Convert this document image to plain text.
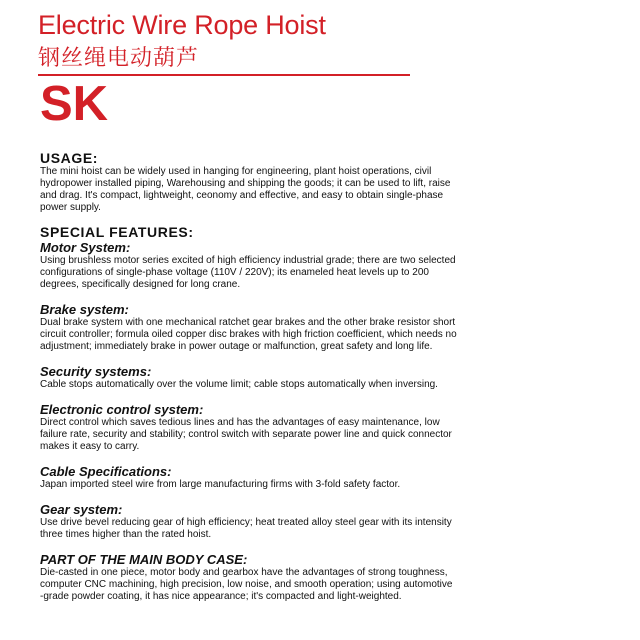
Electric Wire Rope Hoist
钢丝绳电动葫芦
SK
USAGE:
The mini hoist can be widely used in hanging for engineering, plant hoist operations, civil
hydropower installed piping, Warehousing and shipping the goods; it can be used to lift, raise
and drag. It's compact, lightweight, ceonomy and effective, and easy to obtain single-phase
power supply.
SPECIAL FEATURES:
Motor System:
Using brushless motor series excited of high efficiency industrial grade; there are two selected
configurations of single-phase voltage (110V / 220V); its enameled heat levels up to 200
degrees, specifically designed for long crane.
Brake system:
Dual brake system with one mechanical ratchet gear brakes and the other brake resistor short
circuit controller; formula oiled copper disc brakes with high friction coefficient, which needs no
adjustment; immediately brake in power outage or malfunction, great safety and long life.
Security systems:
Cable stops automatically over the volume limit; cable stops automatically when inversing.
Electronic control system:
Direct control which saves tedious lines and has the advantages of easy maintenance, low
failure rate, security and stability; control switch with separate power line and quick connector
makes it easy to carry.
Cable Specifications:
Japan imported steel wire from large manufacturing firms with 3-fold safety factor.
Gear system:
Use drive bevel reducing gear of high efficiency; heat treated alloy steel gear with its intensity
three times higher than the rated hoist.
PART OF THE MAIN BODY CASE:
Die-casted in one piece, motor body and gearbox have the advantages of strong toughness,
computer CNC machining, high precision, low noise, and smooth operation; using automotive
-grade powder coating, it has nice appearance; it's compacted and light-weighted.
